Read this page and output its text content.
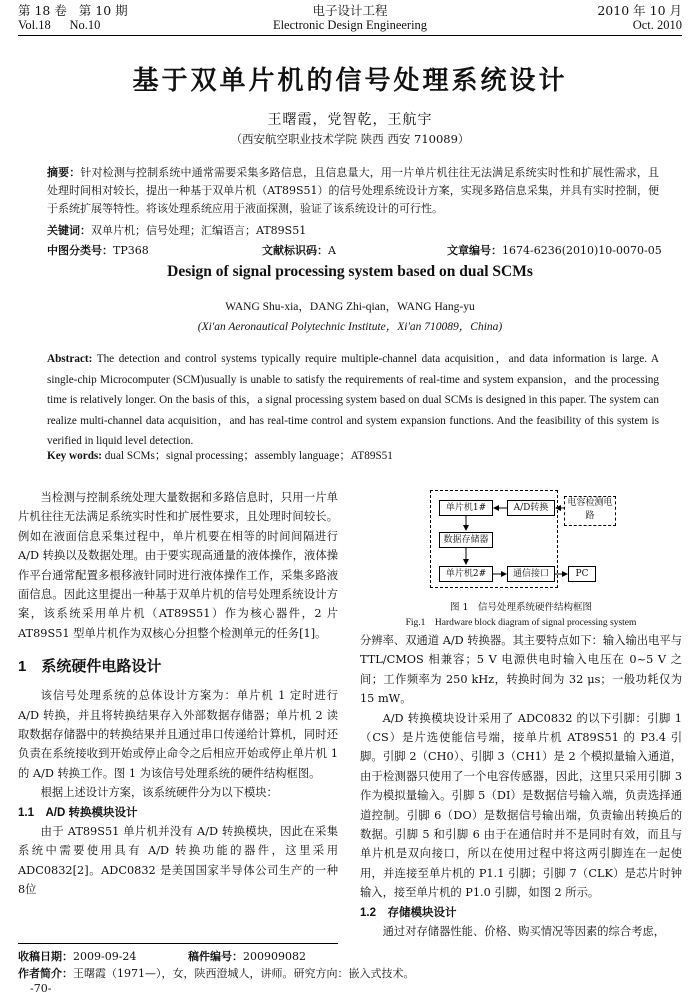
第 18 卷 第 10 期
Vol.18 No.10
电子设计工程
Electronic Design Engineering
2010 年 10 月
Oct. 2010
基于双单片机的信号处理系统设计
王曙霞，党智乾，王航宇
（西安航空职业技术学院 陕西 西安 710089）
摘要：针对检测与控制系统中通常需要采集多路信息，且信息量大，用一片单片机往往无法满足系统实时性和扩展性需求，且处理时间相对较长，提出一种基于双单片机（AT89S51）的信号处理系统设计方案，实现多路信息采集，并具有实时控制，便于系统扩展等特性。将该处理系统应用于液面探测，验证了该系统设计的可行性。
关键词：双单片机；信号处理；汇编语言；AT89S51
中图分类号：TP368	文献标识码：A	文章编号：1674-6236(2010)10-0070-05
Design of signal processing system based on dual SCMs
WANG Shu-xia，DANG Zhi-qian，WANG Hang-yu
(Xi'an Aeronautical Polytechnic Institute，Xi'an 710089，China)
Abstract: The detection and control systems typically require multiple-channel data acquisition，and data information is large. A single-chip Microcomputer (SCM)usually is unable to satisfy the requirements of real-time and system expansion，and the processing time is relatively longer. On the basis of this，a signal processing system based on dual SCMs is designed in this paper. The system can realize multi-channel data acquisition，and has real-time control and system expansion functions. And the feasibility of this system is verified in liquid level detection.
Key words: dual SCMs；signal processing；assembly language；AT89S51

当检测与控制系统处理大量数据和多路信息时，只用一片单片机往往无法满足系统实时性和扩展性要求，且处理时间较长。例如在液面信息采集过程中，单片机要在相等的时间间隔进行 A/D 转换以及数据处理。由于要实现高通量的液体操作，液体操作平台通常配置多根移液针同时进行液体操作工作，采集多路液面信息。因此这里提出一种基于双单片机的信号处理系统设计方案，该系统采用单片机（AT89S51）作为核心器件，2 片 AT89S51 型单片机作为双核心分担整个检测单元的任务[1]。

1　系统硬件电路设计

该信号处理系统的总体设计方案为：单片机 1 定时进行 A/D 转换，并且将转换结果存入外部数据存储器；单片机 2 读取数据存储器中的转换结果并且通过串口传递给计算机，同时还负责在系统接收到开始或停止命令之后相应开始或停止单片机 1 的 A/D 转换工作。图 1 为该信号处理系统的硬件结构框图。

根据上述设计方案，该系统硬件分为以下模块：

1.1　A/D 转换模块设计

由于 AT89S51 单片机并没有 A/D 转换模块，因此在采集系统中需要使用具有 A/D 转换功能的器件，这里采用 ADC0832[2]。ADC0832 是美国国家半导体公司生产的一种 8位

单片机1#	A/D转换
数据存储器
单片机2#	通信接口
电容检测电路
PC
图 1　信号处理系统硬件结构框图
Fig.1　Hardware block diagram of signal processing system

分辨率、双通道 A/D 转换器。其主要特点如下：输入输出电平与 TTL/CMOS 相兼容；5 V 电源供电时输入电压在 0~5 V 之间；工作频率为 250 kHz，转换时间为 32 μs；一般功耗仅为 15 mW。

A/D 转换模块设计采用了 ADC0832 的以下引脚：引脚 1（CS）是片选使能信号端，接单片机 AT89S51 的 P3.4 引脚。引脚 2（CH0）、引脚 3（CH1）是 2 个模拟量输入通道，由于检测器只使用了一个电容传感器，因此，这里只采用引脚 3 作为模拟量输入。引脚 5（DI）是数据信号输入端，负责选择通道控制。引脚 6（DO）是数据信号输出端，负责输出转换后的数据。引脚 5 和引脚 6 由于在通信时并不是同时有效，而且与单片机是双向接口，所以在使用过程中将这两引脚连在一起使用，并连接至单片机的 P1.1 引脚；引脚 7（CLK）是芯片时钟输入，接至单片机的 P1.0 引脚，如图 2 所示。

1.2　存储模块设计

通过对存储器性能、价格、购买情况等因素的综合考虑，

收稿日期：2009-09-24	稿件编号：200909082
作者简介：王曙霞（1971—），女，陕西澄城人，讲师。研究方向：嵌入式技术。
-70-
